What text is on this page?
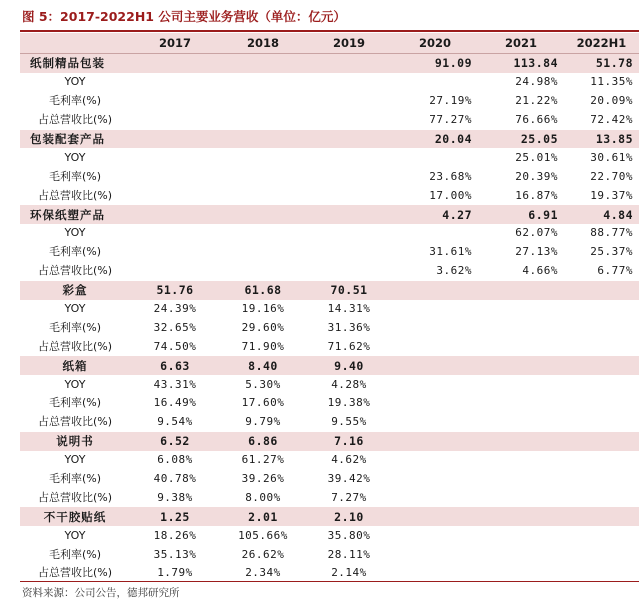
图 5：2017-2022H1 公司主要业务营收（单位：亿元）
	2017	2018	2019	2020	2021	2022H1
纸制精品包装				91.09	113.84	51.78
YOY					24.98%	11.35%
毛利率(%)				27.19%	21.22%	20.09%
占总营收比(%)				77.27%	76.66%	72.42%
包装配套产品				20.04	25.05	13.85
YOY					25.01%	30.61%
毛利率(%)				23.68%	20.39%	22.70%
占总营收比(%)				17.00%	16.87%	19.37%
环保纸塑产品				4.27	6.91	4.84
YOY					62.07%	88.77%
毛利率(%)				31.61%	27.13%	25.37%
占总营收比(%)				3.62%	4.66%	6.77%
彩盒	51.76	61.68	70.51			
YOY	24.39%	19.16%	14.31%			
毛利率(%)	32.65%	29.60%	31.36%			
占总营收比(%)	74.50%	71.90%	71.62%			
纸箱	6.63	8.40	9.40			
YOY	43.31%	5.30%	4.28%			
毛利率(%)	16.49%	17.60%	19.38%			
占总营收比(%)	9.54%	9.79%	9.55%			
说明书	6.52	6.86	7.16			
YOY	6.08%	61.27%	4.62%			
毛利率(%)	40.78%	39.26%	39.42%			
占总营收比(%)	9.38%	8.00%	7.27%			
不干胶贴纸	1.25	2.01	2.10			
YOY	18.26%	105.66%	35.80%			
毛利率(%)	35.13%	26.62%	28.11%			
占总营收比(%)	1.79%	2.34%	2.14%			
资料来源：公司公告，德邦研究所
